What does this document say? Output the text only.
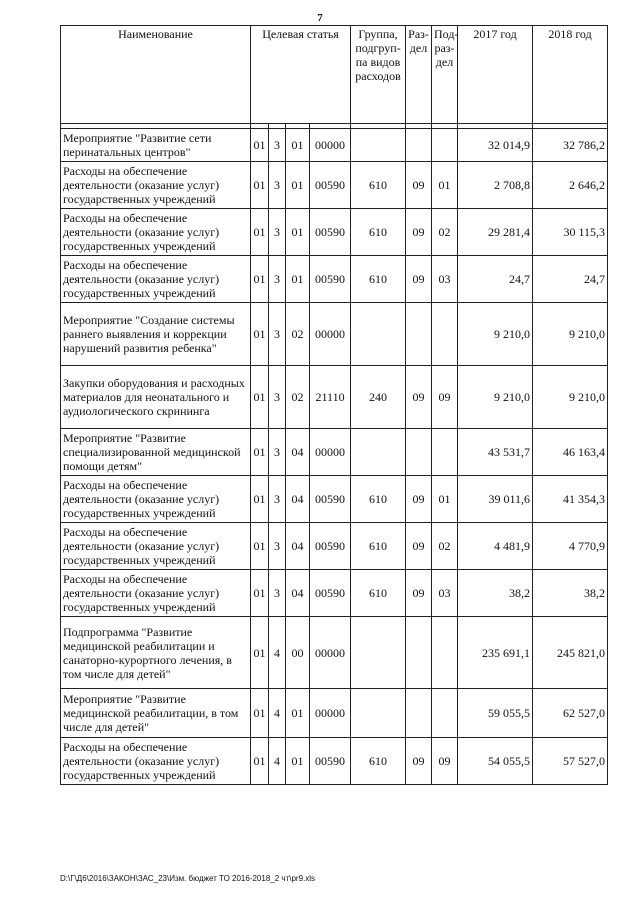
7
Наименование	Целевая статья				Группа, подгруп-па видов расходов	Раз-дел	Под-раз-дел	2017 год	2018 год

Мероприятие "Развитие сети перинатальных центров"	01	3	01	00000				32 014,9	32 786,2
Расходы на обеспечение деятельности (оказание услуг) государственных учреждений	01	3	01	00590	610	09	01	2 708,8	2 646,2
Расходы на обеспечение деятельности (оказание услуг) государственных учреждений	01	3	01	00590	610	09	02	29 281,4	30 115,3
Расходы на обеспечение деятельности (оказание услуг) государственных учреждений	01	3	01	00590	610	09	03	24,7	24,7
Мероприятие "Создание системы раннего выявления и коррекции нарушений развития ребенка"	01	3	02	00000				9 210,0	9 210,0
Закупки оборудования и расходных материалов для неонатального и аудиологического скрининга	01	3	02	21110	240	09	09	9 210,0	9 210,0
Мероприятие "Развитие специализированной медицинской помощи детям"	01	3	04	00000				43 531,7	46 163,4
Расходы на обеспечение деятельности (оказание услуг) государственных учреждений	01	3	04	00590	610	09	01	39 011,6	41 354,3
Расходы на обеспечение деятельности (оказание услуг) государственных учреждений	01	3	04	00590	610	09	02	4 481,9	4 770,9
Расходы на обеспечение деятельности (оказание услуг) государственных учреждений	01	3	04	00590	610	09	03	38,2	38,2
Подпрограмма "Развитие медицинской реабилитации и санаторно-курортного лечения, в том числе для детей"	01	4	00	00000				235 691,1	245 821,0
Мероприятие "Развитие медицинской реабилитации, в том числе для детей"	01	4	01	00000				59 055,5	62 527,0
Расходы на обеспечение деятельности (оказание услуг) государственных учреждений	01	4	01	00590	610	09	09	54 055,5	57 527,0
D:\Г\Д6\2016\ЗАКОН\ЗАС_23\Изм. бюджет ТО 2016-2018_2 чт\pr9.xls
